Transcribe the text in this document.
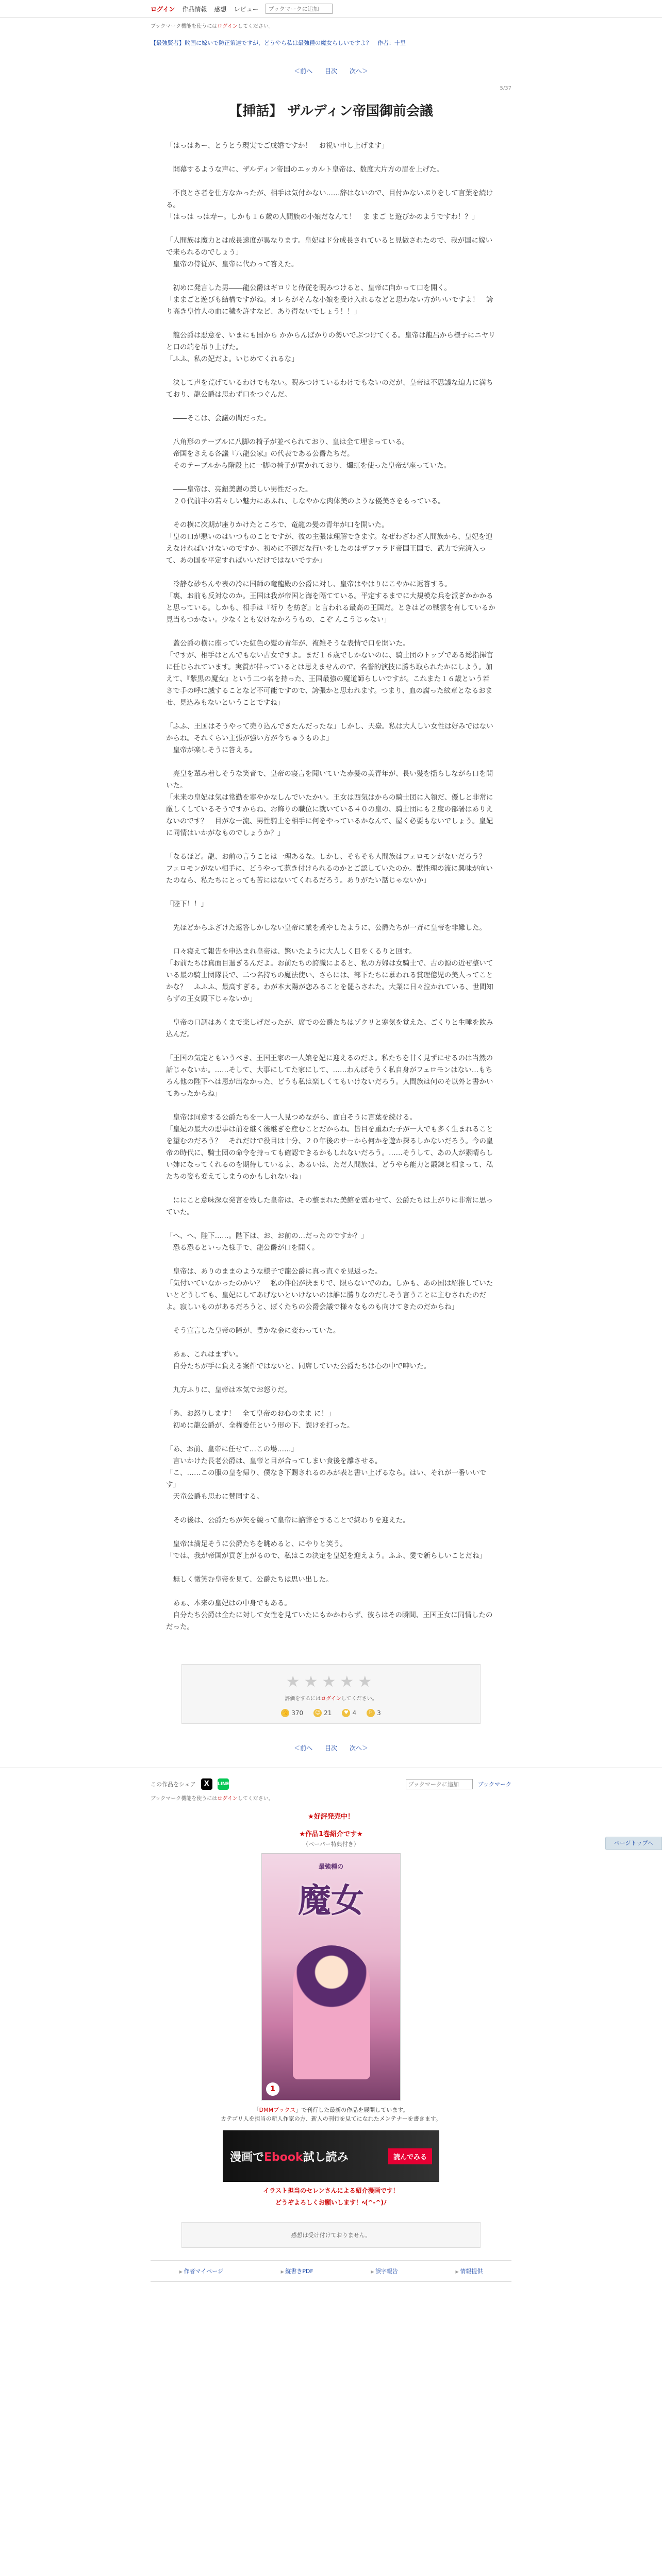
ログイン 作品情報 感想 レビュー
ブックマークに追加
ブックマーク機能を使うにはログインしてください。
【最強賢者】敗国に嫁いで防正策達ですが、どうやら私は最強種の魔女らしいですよ？　作者：十里
＜前へ 目次 次へ＞
5/37
【挿話】 ザルディン帝国御前会議

「はっはあー、とうとう現実でご成婚ですか！　お祝い申し上げます」

　開幕するような声に、ザルディン帝国のエッカルト皇帝は、数度大片方の眉を上げた。

　不良とさ者を仕方なかったが、相手は気付かない……辞はないので、目付かないぷりをして言葉を続ける。

「はっは っは寿ー。しかも１６歳の人間族の小娘だなんて！　ま まご と遊びかのようですわ！？」

「人間族は魔力とは成長速度が異なります。皇妃はド分成長されていると見做されたので、我が国に嫁いで来られるのでしょう」

　皇帝の侍従が、皇帝に代わって答えた。

　初めに発言した男――龍公爵はギロリと侍従を睨みつけると、皇帝に向かって口を開く。

「ままごと遊びも結構ですがね。オレらがそんな小娘を受け入れるなどと思わない方がいいですよ！　誇り高き皇竹人の血に穢を許すなど、あり得ないでしょう！！」

　龍公爵は悪意を、いまにも国から かからんばかりの勢いでぶつけてくる。皇帝は龍呂から様子にニヤリと口の端を吊り上げた。

「ふふ、私の妃だよ。いじめてくれるな」

　決して声を荒げているわけでもない。睨みつけているわけでもないのだが、皇帝は不思議な迫力に満ちており、龍公爵は思わず口をつぐんだ。

　――そこは、会議の間だった。

　八角形のテーブルに八脚の椅子が並べられており、皇は全て埋まっている。

　帝国をさえる各議『八龍公家』の代表である公爵たちだ。

　そのテーブルから階段上に一脚の椅子が置かれており、燭虹を使った皇帝が座っていた。

　――皇帝は、亮鈕美麗の美しい男性だった。

　２０代前半の若々しい魅力にあふれ、しなやかな肉体美のような優美さをもっている。

　その横に次期が座りかけたところで、竜龍の髪の青年が口を開いた。

「皇の口が悪いのはいつものことですが、彼の主張は理解できます。なぜわざわざ人間族から、皇妃を迎えなければいけないのですか。初めに不遜だな行いをしたのはザファラド帝国王国で、武力で完済入って、あの国を平定すればいいだけではないですか」

　冷静な砂ちんや表の冷に国師の竜龍殿の公爵に対し、皇帝はやはりにこやかに返答する。

「裏、お前も反対なのか。王国は我が帝国と海を隔てている。平定するまでに大規模な兵を派ぎかかかると思っている。しかも、相手は『祈り を紡ぎ』と言われる最高の王国だ。ときはどの戦雲を有しているか見当もつかない。少なくとも安けなかろうもの、こぞ んこうじゃない」

　蓋公爵の横に座っていた紅色の髪の青年が、複雑そうな表情で口を開いた。

「ですが、相手はとんでもない古女ですよ。まだ１６歳でしかないのに、騎士団のトップである総指揮官に任じられています。実質が伴っているとは思えませんので、名誉的演技に勝ち取られたかにしよう。加えて、『紫黒の魔女』という二つ名を持った、王国最強の魔道師らしいですが。これまた１６歳という若さで手の呼に滅することなど不可能ですので、誇張かと思われます。つまり、血の腐った紋章となるおませ、見込みもないということですね」

「ふふ、王国はそうやって売り込んできたんだったな」しかし、天臺。私は大人しい女性は好みではないからね。それくらい主張が強い方が今ちゅうものよ」

　皇帝が楽しそうに答える。

　亮皇を輩み着しそうな笑音で、皇帝の寝言を聞いていた赤髪の美青年が、長い髪を揺らしながら口を開いた。

「未来の皇妃は気は常勤を寒やかなしんでいたかい。王女は西気はからの騎士団に入領だ、優しと非常に厳しくしているそうですからね、お飾りの職位に就いている４０の皇の、騎士団にも２度の部署はありえないのです？　目がな一流、男性騎士を相手に何をやっているかなんて、屋く必要もないでしょう。皇妃に同情はいかがなものでしょうか？」

「なるほど。龍、お前の言うことは一理あるな。しかし、そもそも人間族はフェロモンがないだろう？　フェロモンがない相手に、どうやって惹き付けられるのかとご認していたのか。獣性理の流に興味が向いたのなら、私たちにとっても苦にはないてくれるだろう。ありがたい話じゃないか」

「陛下！！」

　先ほどからふざけた返答しかしない皇帝に業を煮やしたように、公爵たちが一斉に皇帝を非難した。

　口々寝えて報告を申込まれ皇帝は、驚いたように大人しく目をくるりと回す。

「お前たちは真面目過ぎるんだよ。お前たちの誇識によると、私の方婦は女騎士で、古の源の近ぜ整いている最の騎士団隊長で、二つ名持ちの魔法使い、さらには、部下たちに慕われる賞理億児の美人ってことかな？　ふふふ、最高すぎる。わが本太陽が恋みることを罷らされた。大業に日々泣かれている、世間知らずの王女殿下じゃないか」

　皇帝の口調はあくまで楽しげだったが、席での公爵たちはゾクリと寒気を覚えた。ごくりと生唾を飲み込んだ。

「王国の気定ともいうべき、王国王家の一人娘を妃に迎えるのだよ。私たちを甘く見ずにせるのは当然の話じゃないか。……そして、大事にしてた家にして、……わんぱそうく私自身がフェロモンはない…もちろん他の陛下へは恩が出なかった、どうも私は楽しくてもいけないだろう。人間族は何のそ以外と書かいてあったからね」

　皇帝は同意する公爵たちを一人一人見つめながら、面白そうに言葉を続ける。

「皇妃の最大の悪事は前を継く後継ぎを産むことだからね。皆目を重ねた子が一人でも多く生まれることを望むのだろう？　それだけで役目は十分、２０年後のサーから何かを遊か探るしかないだろう。今の皇帝の時代に、騎士団の命令を持っても確認できるかもしれないだろう。……そうして、あの人が素晴らしい姉になってくれるのを期待しているよ、あるいは、ただ人間族は、どうやら能力と鍛錬と相まって、私たちの姿も変えてしまうのかもしれないね」

　ににこと意味深な発言を残した皇帝は、その整まれた美館を震わせて、公爵たちは上がりに非常に思っていた。

「へ、へ、陛下……。陛下は、お、お前の…だったのですか？」

　恐る恐るといった様子で、龍公爵が口を開く。

　皇帝は、ありのままのような様子で龍公爵に真っ直ぐを見返った。

「気付いていなかったのかい？　私の伴侶が決まりで、限らないでのね。しかも、あの国は紹推していたいとどうしても、皇妃にしてあげないといけないのは誰に勝りなのだしそう言うことに主むされたのだよ。寂しいものがあるだろうと、ぼくたちの公爵会議で様々なものも向けてきたのだからね」

　そう宣言した皇帝の瞳が、豊かな金に変わっていた。

　あぁ、これはまずい。

　自分たちが手に負える案件ではないと、同席していた公爵たちは心の中で呻いた。

　九方ふりに、皇帝は本気でお怒りだ。

「あ、お怒りします！　全て皇帝のお心のまま に！」

　初めに龍公爵が、全権委任という形の下、誤けを打った。

「あ、お前、皇帝に任せて…この場……」

　言いかけた長老公爵は、皇帝と目が合ってしまい食後を離させる。

「こ、……この服の皇を帰り、僕なき下賜されるのみが表と書い上げるなら。はい、それが一番いいです」

　天竜公爵も思わに賛同する。

　その後は、公爵たちが矢を競って皇帝に諂辞をすることで終わりを迎えた。

　皇帝は満足そうに公爵たちを眺めると、にやりと笑う。

「では、我が帝国が貢ぎ上がるので、私はこの決定を皇妃を迎えよう。ふふ、愛で新らしいことだね」

　無しく微笑む皇帝を見て、公爵たちは思い出した。

　あぁ、本来の皇妃はの中身でもある。

　自分たち公爵は全たに対して女性を見ていたにもかかわらず、彼らはその瞬間、王国王女に同情したのだった。

★★★★★
評価をするにはログインしてください。
👍 370 ☺ 21	♥ 4	⚐ 3
＜前へ 目次 次へ＞
この作品をシェア	X	LINE
ブックマークに追加	ブックマーク
ブックマーク機能を使うにはログインしてください。
★好評発売中！
★作品1巻紹介です★
（ペーパー特典付き）
最強種の
魔女
1
「DMMブックス」で刊行した最新の作品を展開しています。
カテゴリ人を担当の新人作家の方、新人の刊行を見てになれたメンテナーを書きます。
漫画でEbook試し読み	読んでみる
イラスト担当のセレンさんによる紹介漫画です！
どうぞよろしくお願いします！ﾍ(^-^)ﾉ
感想は受け付けておりません。
▶ 作者マイページ	▶ 縦書きPDF	▶ 誤字報告	▶ 情報提供
ページトップへ
